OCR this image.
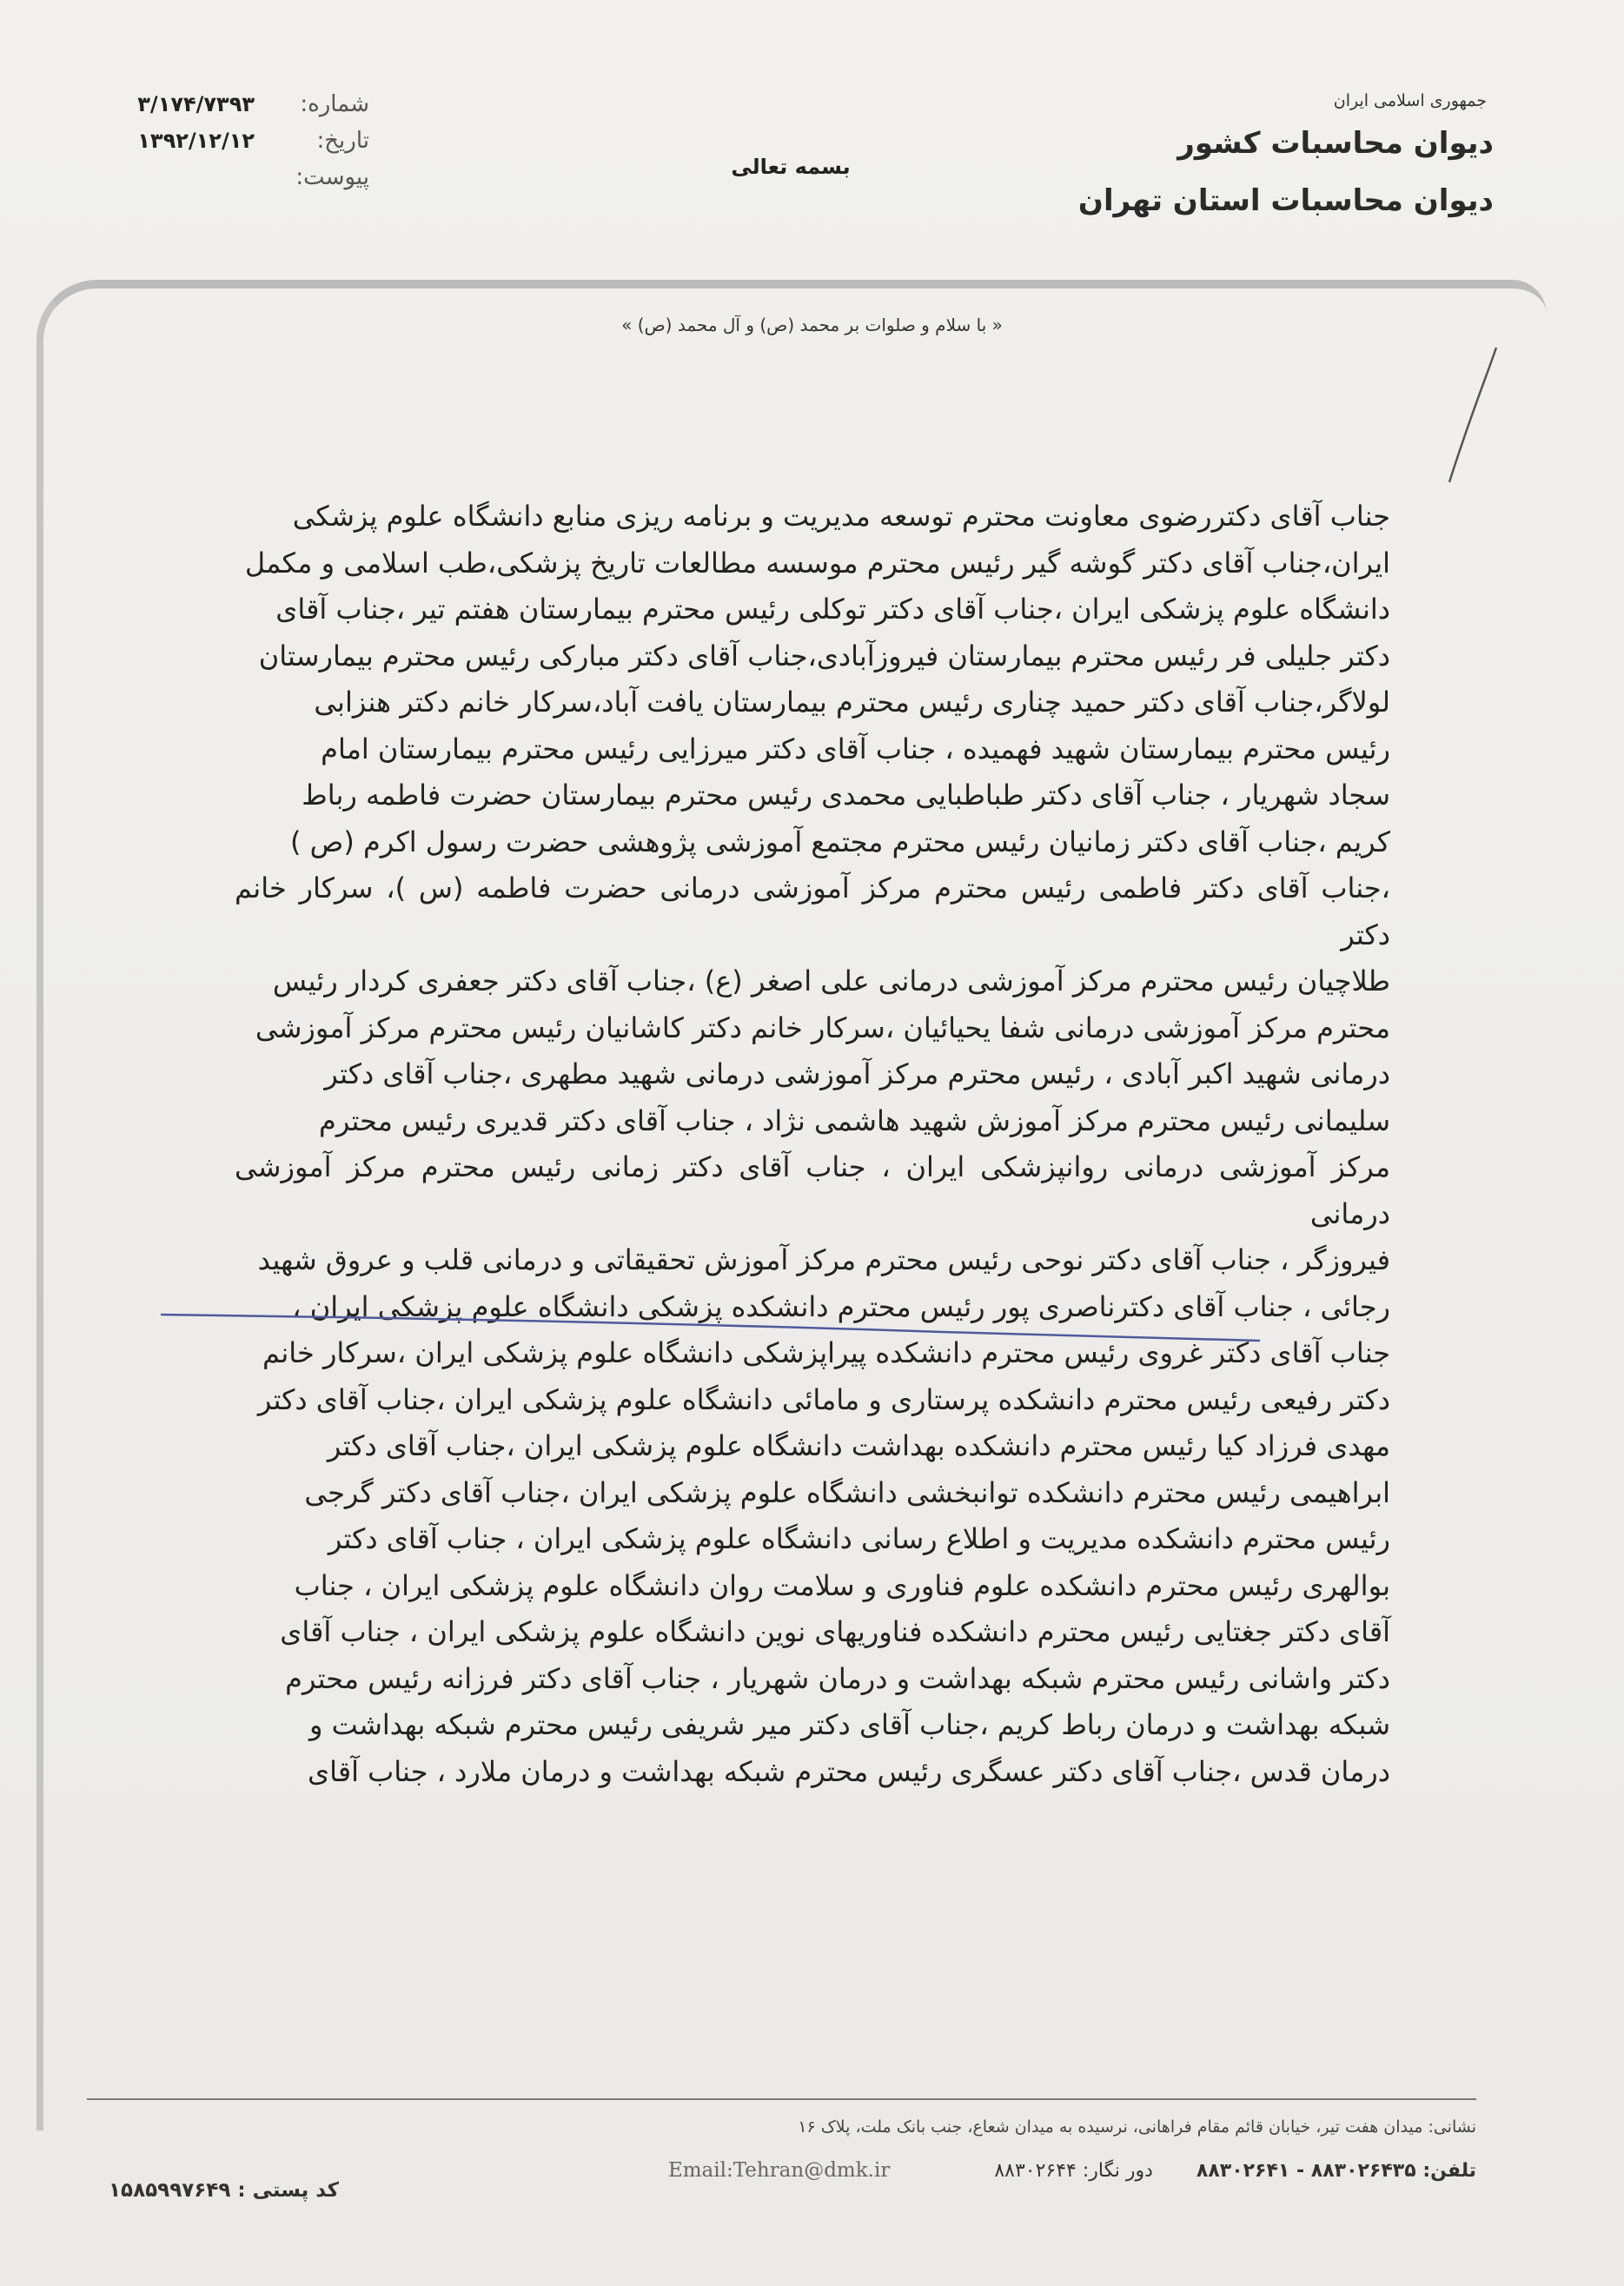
جمهوری اسلامی ایران
دیوان محاسبات کشور
دیوان محاسبات استان تهران
بسمه تعالی
شماره:
۳/۱۷۴/۷۳۹۳
تاریخ:
۱۳۹۲/۱۲/۱۲
پیوست:
« با سلام و صلوات بر محمد (ص) و آل محمد (ص) »

جناب آقای دکتررضوی معاونت محترم توسعه مدیریت و برنامه ریزی منابع دانشگاه علوم پزشکی

ایران،جناب آقای دکتر گوشه گیر رئیس محترم موسسه مطالعات تاریخ پزشکی،طب اسلامی و مکمل

دانشگاه علوم پزشکی ایران ،جناب آقای دکتر توکلی رئیس محترم بیمارستان هفتم تیر ،جناب آقای

دکتر جلیلی فر رئیس محترم بیمارستان فیروزآبادی،جناب آقای دکتر مبارکی رئیس محترم بیمارستان

لولاگر،جناب آقای دکتر حمید چناری رئیس محترم بیمارستان یافت آباد،سرکار خانم دکتر هنزابی

رئیس محترم بیمارستان شهید فهمیده ، جناب آقای دکتر میرزایی رئیس محترم بیمارستان امام

سجاد شهریار ، جناب آقای دکتر طباطبایی محمدی رئیس محترم بیمارستان حضرت فاطمه رباط

کریم ،جناب آقای دکتر زمانیان رئیس محترم مجتمع آموزشی پژوهشی حضرت رسول اکرم (ص )

،جناب آقای دکتر فاطمی رئیس محترم مرکز آموزشی درمانی حضرت فاطمه (س )، سرکار خانم دکتر

طلاچیان رئیس محترم مرکز آموزشی درمانی علی اصغر (ع) ،جناب آقای دکتر جعفری کردار رئیس

محترم مرکز آموزشی درمانی شفا یحیائیان ،سرکار خانم دکتر کاشانیان رئیس محترم مرکز آموزشی

درمانی شهید اکبر آبادی ، رئیس محترم مرکز آموزشی درمانی شهید مطهری ،جناب آقای دکتر

سلیمانی رئیس محترم مرکز آموزش شهید هاشمی نژاد ، جناب آقای دکتر قدیری رئیس محترم

مرکز آموزشی درمانی روانپزشکی ایران ، جناب آقای دکتر زمانی رئیس محترم مرکز آموزشی درمانی

فیروزگر ، جناب آقای دکتر نوحی رئیس محترم مرکز آموزش تحقیقاتی و درمانی قلب و عروق شهید

رجائی ، جناب آقای دکترناصری پور رئیس محترم دانشکده پزشکی دانشگاه علوم پزشکی ایران ،

جناب آقای دکتر غروی رئیس محترم دانشکده پیراپزشکی دانشگاه علوم پزشکی ایران ،سرکار خانم

دکتر رفیعی رئیس محترم دانشکده پرستاری و مامائی دانشگاه علوم پزشکی ایران ،جناب آقای دکتر

مهدی فرزاد کیا رئیس محترم دانشکده بهداشت دانشگاه علوم پزشکی ایران ،جناب آقای دکتر

ابراهیمی رئیس محترم دانشکده توانبخشی دانشگاه علوم پزشکی ایران ،جناب آقای دکتر گرجی

رئیس محترم دانشکده مدیریت و اطلاع رسانی دانشگاه علوم پزشکی ایران ، جناب آقای دکتر

بوالهری رئیس محترم دانشکده علوم فناوری و سلامت روان دانشگاه علوم پزشکی ایران ، جناب

آقای دکتر جغتایی رئیس محترم دانشکده فناوریهای نوین دانشگاه علوم پزشکی ایران ، جناب آقای

دکتر واشانی رئیس محترم شبکه بهداشت و درمان شهریار ، جناب آقای دکتر فرزانه رئیس محترم

شبکه بهداشت و درمان رباط کریم ،جناب آقای دکتر میر شریفی رئیس محترم شبکه بهداشت و

درمان قدس ،جناب آقای دکتر عسگری رئیس محترم شبکه بهداشت و درمان ملارد ، جناب آقای

نشانی: میدان هفت تیر، خیابان قائم مقام فراهانی، نرسیده به میدان شعاع، جنب بانک ملت، پلاک ۱۶
تلفن: ۸۸۳۰۲۶۴۳۵ - ۸۸۳۰۲۶۴۱
دور نگار: ۸۸۳۰۲۶۴۴
Email:Tehran@dmk.ir
کد پستی : ۱۵۸۵۹۹۷۶۴۹
